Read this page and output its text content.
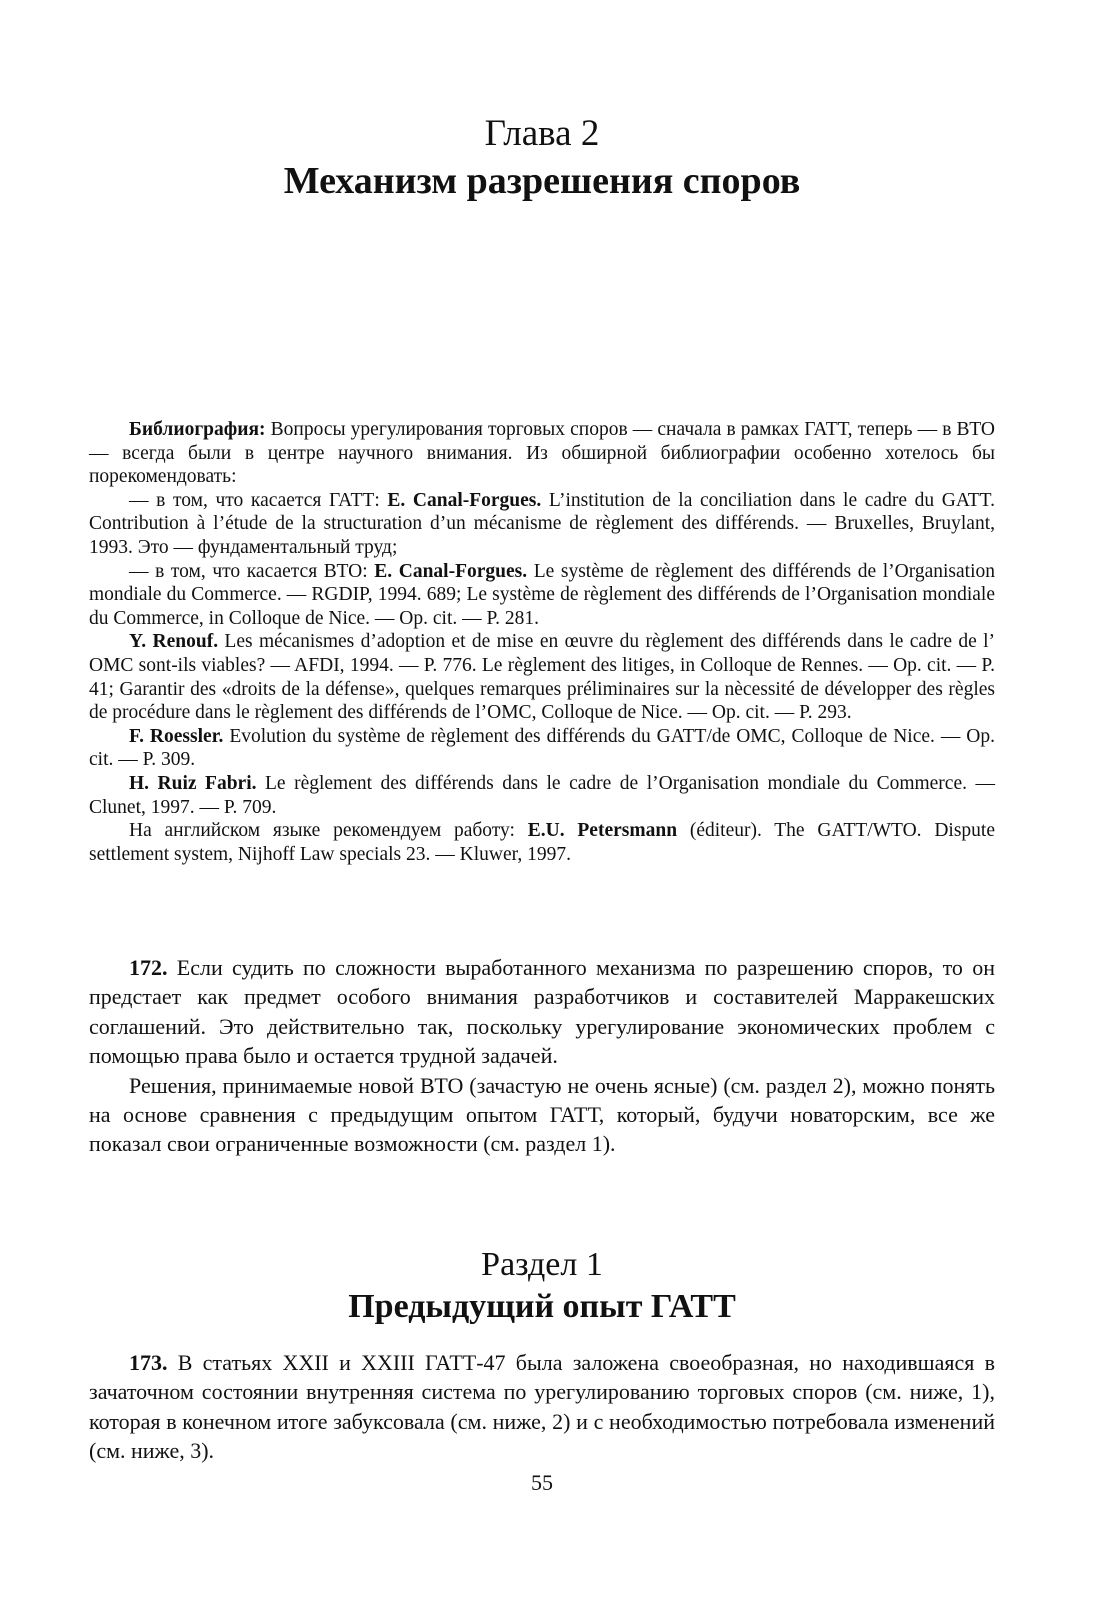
Глава 2
Механизм разрешения споров

Библиография: Вопросы урегулирования торговых споров — сначала в рамках ГАТТ, теперь — в ВТО — всегда были в центре научного внимания. Из обширной библиографии особенно хотелось бы порекомендовать:

— в том, что касается ГАТТ: E. Canal-Forgues. L’institution de la conciliation dans le cadre du GATT. Contribution à l’étude de la structuration d’un mécanisme de règlement des différends. — Bruxelles, Bruylant, 1993. Это — фундаментальный труд;

— в том, что касается ВТО: E. Canal-Forgues. Le système de règlement des différends de l’Organisation mondiale du Commerce. — RGDIP, 1994. 689; Le système de règlement des différends de l’Organisation mondiale du Commerce, in Colloque de Nice. — Op. cit. — P. 281.

Y. Renouf. Les mécanismes d’adoption et de mise en œuvre du règlement des différends dans le cadre de l’ OMC sont-ils viables? — AFDI, 1994. — P. 776. Le règlement des litiges, in Colloque de Rennes. — Op. cit. — P. 41; Garantir des «droits de la défense», quelques remarques préliminaires sur la nècessité de développer des règles de procédure dans le règlement des différends de l’OMC, Colloque de Nice. — Op. cit. — P. 293.

F. Roessler. Evolution du système de règlement des différends du GATT/de OMC, Colloque de Nice. — Op. cit. — P. 309.

H. Ruiz Fabri. Le règlement des différends dans le cadre de l’Organisation mondiale du Commerce. — Clunet, 1997. — P. 709.

На английском языке рекомендуем работу: E.U. Petersmann (éditeur). The GATT/WTO. Dispute settlement system, Nijhoff Law specials 23. — Kluwer, 1997.

172. Если судить по сложности выработанного механизма по разрешению споров, то он предстает как предмет особого внимания разработчиков и составителей Марракешских соглашений. Это действительно так, поскольку урегулирование экономических проблем с помощью права было и остается трудной задачей.

Решения, принимаемые новой ВТО (зачастую не очень ясные) (см. раздел 2), можно понять на основе сравнения с предыдущим опытом ГАТТ, который, будучи новаторским, все же показал свои ограниченные возможности (см. раздел 1).

Раздел 1
Предыдущий опыт ГАТТ

173. В статьях XXII и XXIII ГАТТ-47 была заложена своеобразная, но находившаяся в зачаточном состоянии внутренняя система по урегулированию торговых споров (см. ниже, 1), которая в конечном итоге забуксовала (см. ниже, 2) и с необходимостью потребовала изменений (см. ниже, 3).

55
